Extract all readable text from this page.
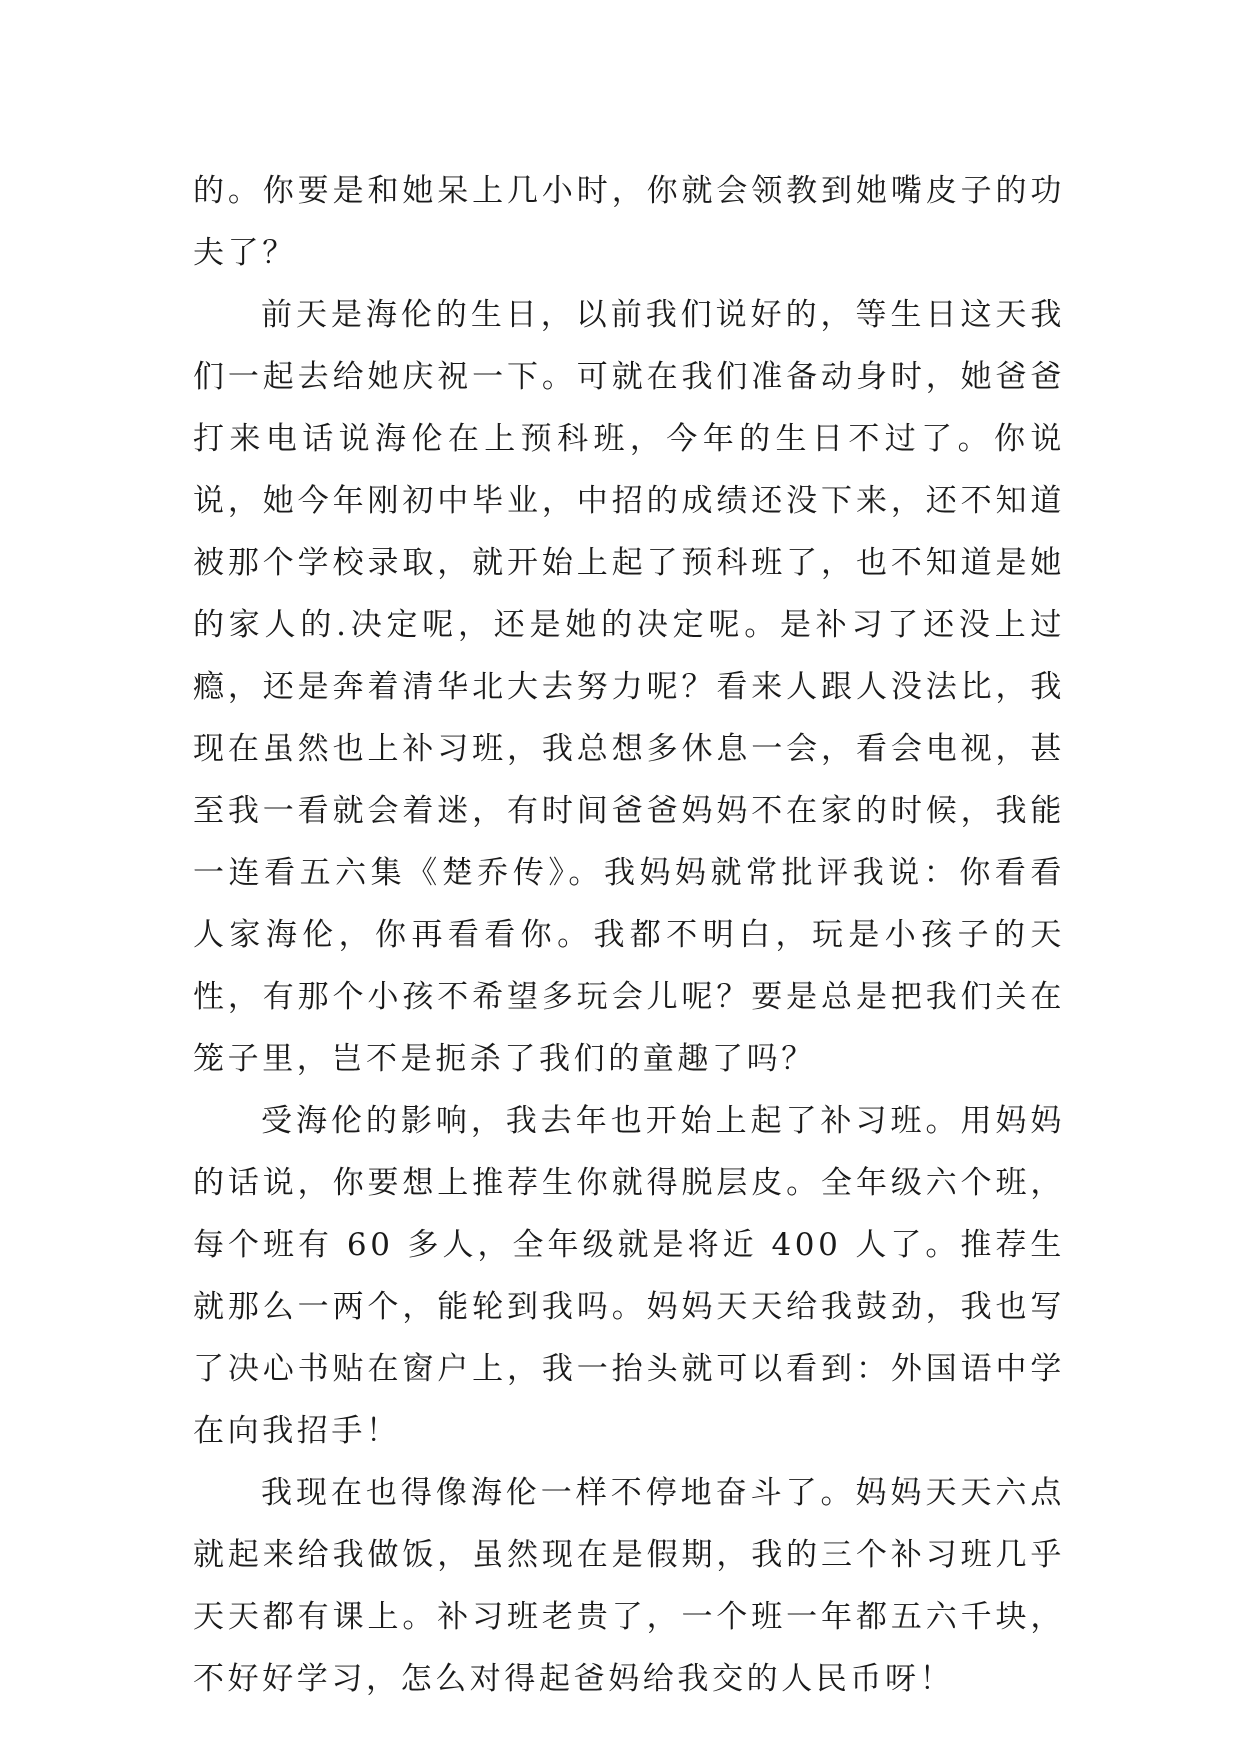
的。你要是和她呆上几小时，你就会领教到她嘴皮子的功夫了？

前天是海伦的生日，以前我们说好的，等生日这天我们一起去给她庆祝一下。可就在我们准备动身时，她爸爸打来电话说海伦在上预科班，今年的生日不过了。你说说，她今年刚初中毕业，中招的成绩还没下来，还不知道被那个学校录取，就开始上起了预科班了，也不知道是她的家人的.决定呢，还是她的决定呢。是补习了还没上过瘾，还是奔着清华北大去努力呢？看来人跟人没法比，我现在虽然也上补习班，我总想多休息一会，看会电视，甚至我一看就会着迷，有时间爸爸妈妈不在家的时候，我能一连看五六集《楚乔传》。我妈妈就常批评我说：你看看人家海伦，你再看看你。我都不明白，玩是小孩子的天性，有那个小孩不希望多玩会儿呢？要是总是把我们关在笼子里，岂不是扼杀了我们的童趣了吗？

受海伦的影响，我去年也开始上起了补习班。用妈妈的话说，你要想上推荐生你就得脱层皮。全年级六个班，每个班有 60 多人，全年级就是将近 400 人了。推荐生就那么一两个，能轮到我吗。妈妈天天给我鼓劲，我也写了决心书贴在窗户上，我一抬头就可以看到：外国语中学在向我招手！

我现在也得像海伦一样不停地奋斗了。妈妈天天六点就起来给我做饭，虽然现在是假期，我的三个补习班几乎天天都有课上。补习班老贵了，一个班一年都五六千块，不好好学习，怎么对得起爸妈给我交的人民币呀！
